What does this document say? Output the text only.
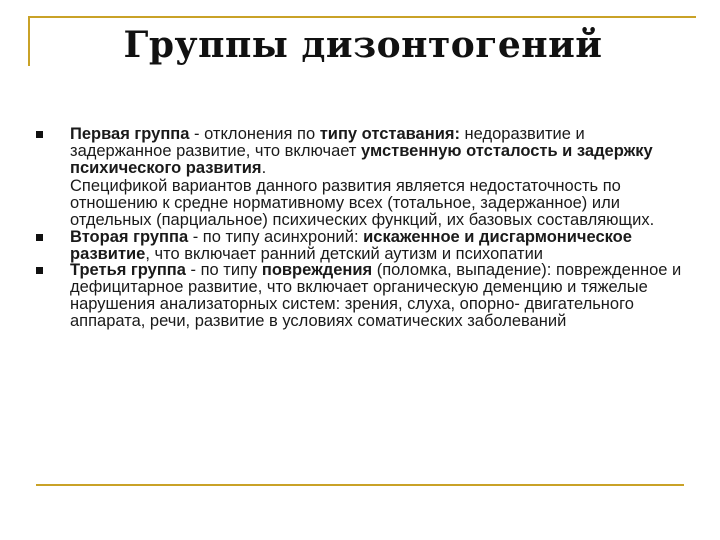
Группы дизонтогений
Первая группа - отклонения по типу отставания: недоразвитие и задержанное развитие, что включает умственную отсталость и задержку психического развития.
Спецификой вариантов данного развития является недостаточность по отношению к средне нормативному всех (тотальное, задержанное) или отдельных (парциальное) психических функций, их базовых составляющих.
Вторая группа - по типу асинхроний: искаженное и дисгармоническое развитие, что включает ранний детский аутизм и психопатии
Третья группа - по типу повреждения (поломка, выпадение): поврежденное и дефицитарное развитие, что включает органическую деменцию и тяжелые нарушения анализаторных систем: зрения, слуха, опорно- двигательного аппарата, речи, развитие в условиях соматических заболеваний
